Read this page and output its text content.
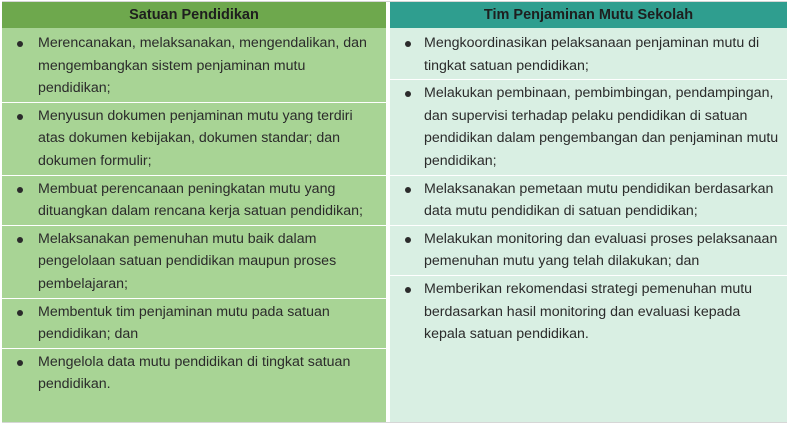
Satuan Pendidikan
Merencanakan, melaksanakan, mengendalikan, dan mengembangkan sistem penjaminan mutu pendidikan;
Menyusun dokumen penjaminan mutu yang terdiri atas dokumen kebijakan, dokumen standar; dan dokumen formulir;
Membuat perencanaan peningkatan mutu yang dituangkan dalam rencana kerja satuan pendidikan;
Melaksanakan pemenuhan mutu baik dalam pengelolaan satuan pendidikan maupun proses pembelajaran;
Membentuk tim penjaminan mutu pada satuan pendidikan; dan
Mengelola data mutu pendidikan di tingkat satuan pendidikan.
Tim Penjaminan Mutu Sekolah
Mengkoordinasikan pelaksanaan penjaminan mutu di tingkat satuan pendidikan;
Melakukan pembinaan, pembimbingan, pendampingan, dan supervisi terhadap pelaku pendidikan di satuan pendidikan dalam pengembangan dan penjaminan mutu pendidikan;
Melaksanakan pemetaan mutu pendidikan berdasarkan data mutu pendidikan di satuan pendidikan;
Melakukan monitoring dan evaluasi proses pelaksanaan pemenuhan mutu yang telah dilakukan; dan
Memberikan rekomendasi strategi pemenuhan mutu berdasarkan hasil monitoring dan evaluasi kepada kepala satuan pendidikan.
